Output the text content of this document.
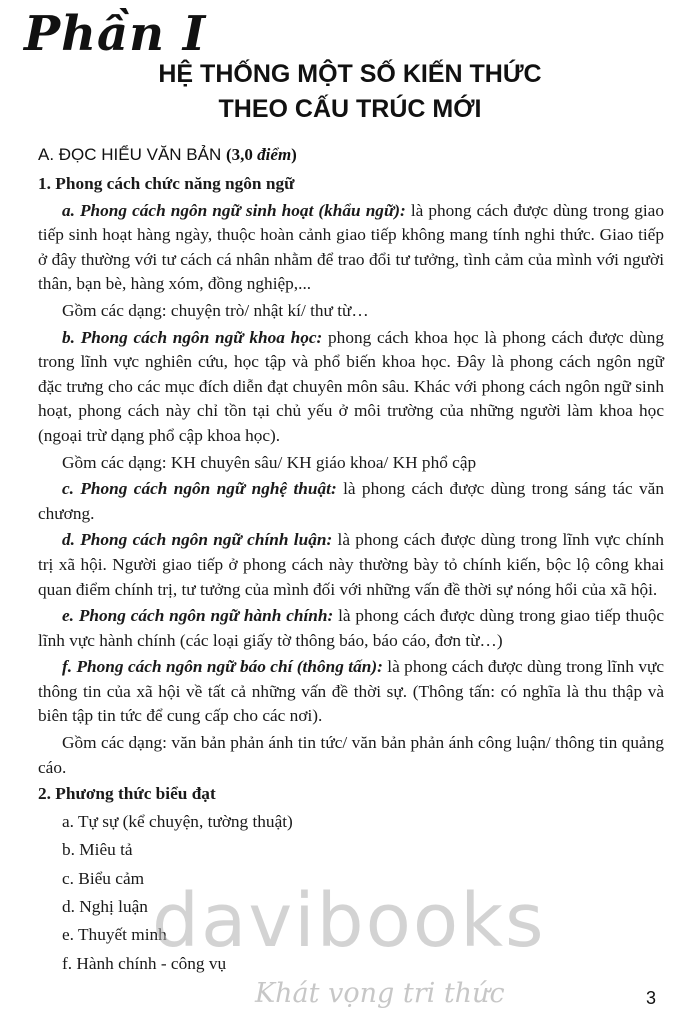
Phần I
HỆ THỐNG MỘT SỐ KIẾN THỨC
THEO CẤU TRÚC MỚI
A. ĐỌC HIỂU VĂN BẢN (3,0 điểm)

1. Phong cách chức năng ngôn ngữ

a. Phong cách ngôn ngữ sinh hoạt (khẩu ngữ): là phong cách được dùng trong giao tiếp sinh hoạt hàng ngày, thuộc hoàn cảnh giao tiếp không mang tính nghi thức. Giao tiếp ở đây thường với tư cách cá nhân nhằm để trao đổi tư tưởng, tình cảm của mình với người thân, bạn bè, hàng xóm, đồng nghiệp,...

Gồm các dạng: chuyện trò/ nhật kí/ thư từ…

b. Phong cách ngôn ngữ khoa học: phong cách khoa học là phong cách được dùng trong lĩnh vực nghiên cứu, học tập và phổ biến khoa học. Đây là phong cách ngôn ngữ đặc trưng cho các mục đích diễn đạt chuyên môn sâu. Khác với phong cách ngôn ngữ sinh hoạt, phong cách này chỉ tồn tại chủ yếu ở môi trường của những người làm khoa học (ngoại trừ dạng phổ cập khoa học).

Gồm các dạng: KH chuyên sâu/ KH giáo khoa/ KH phổ cập

c. Phong cách ngôn ngữ nghệ thuật: là phong cách được dùng trong sáng tác văn chương.

d. Phong cách ngôn ngữ chính luận: là phong cách được dùng trong lĩnh vực chính trị xã hội. Người giao tiếp ở phong cách này thường bày tỏ chính kiến, bộc lộ công khai quan điểm chính trị, tư tưởng của mình đối với những vấn đề thời sự nóng hổi của xã hội.

e. Phong cách ngôn ngữ hành chính: là phong cách được dùng trong giao tiếp thuộc lĩnh vực hành chính (các loại giấy tờ thông báo, báo cáo, đơn từ…)

f. Phong cách ngôn ngữ báo chí (thông tấn): là phong cách được dùng trong lĩnh vực thông tin của xã hội về tất cả những vấn đề thời sự. (Thông tấn: có nghĩa là thu thập và biên tập tin tức để cung cấp cho các nơi).

Gồm các dạng: văn bản phản ánh tin tức/ văn bản phản ánh công luận/ thông tin quảng cáo.

2. Phương thức biểu đạt

a. Tự sự (kể chuyện, tường thuật)

b. Miêu tả

c. Biểu cảm

d. Nghị luận

e. Thuyết minh

f. Hành chính - công vụ

davibooks
Khát vọng tri thức	3
